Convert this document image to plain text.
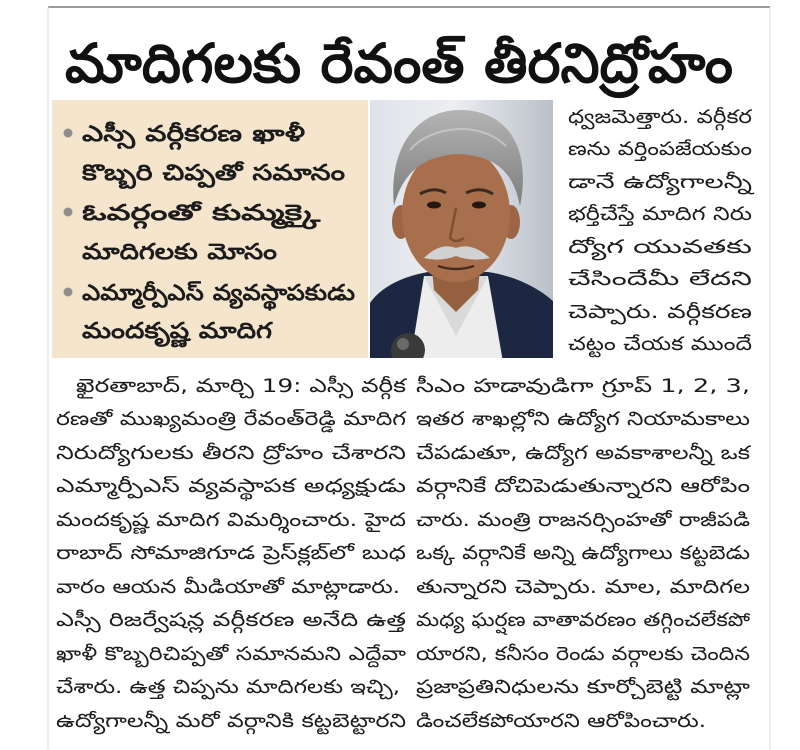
మాదిగలకు రేవంత్ తీరనిద్రోహం
ఎస్సీ వర్గీకరణ ఖాళీ
కొబ్బరి చిప్పతో సమానం
ఓవర్గంతో కుమ్మక్కై
మాదిగలకు మోసం
ఎమ్మార్పీఎస్ వ్యవస్థాపకుడు
మందకృష్ణ మాదిగ
ధ్వజమెత్తారు. వర్గీకర
ణను వర్తింపజేయకుం
డానే ఉద్యోగాలన్నీ
భర్తీచేస్తే మాదిగ నిరు
ద్యోగ యువతకు
చేసిందేమీ లేదని
చెప్పారు. వర్గీకరణ
చట్టం చేయక ముందే
ఖైరతాబాద్, మార్చి 19: ఎస్సీ వర్గీక
రణతో ముఖ్యమంత్రి రేవంత్‌రెడ్డి మాదిగ
నిరుద్యోగులకు తీరని ద్రోహం చేశారని
ఎమ్మార్పీఎస్ వ్యవస్థాపక అధ్యక్షుడు
మందకృష్ణ మాదిగ విమర్శించారు. హైద
రాబాద్ సోమాజిగూడ ప్రెస్‌క్లబ్‌లో బుధ
వారం ఆయన మీడియాతో మాట్లాడారు.
ఎస్సీ రిజర్వేషన్ల వర్గీకరణ అనేది ఉత్త
ఖాళీ కొబ్బరిచిప్పతో సమానమని ఎద్దేవా
చేశారు. ఉత్త చిప్పను మాదిగలకు ఇచ్చి,
ఉద్యోగాలన్నీ మరో వర్గానికి కట్టబెట్టారని
సీఎం హడావుడిగా గ్రూప్ 1, 2, 3,
ఇతర శాఖల్లోని ఉద్యోగ నియామకాలు
చేపడుతూ, ఉద్యోగ అవకాశాలన్నీ ఒక
వర్గానికే దోచిపెడుతున్నారని ఆరోపిం
చారు. మంత్రి రాజనర్సింహతో రాజీపడి
ఒక్క వర్గానికే అన్ని ఉద్యోగాలు కట్టబెడు
తున్నారని చెప్పారు. మాల, మాదిగల
మధ్య ఘర్షణ వాతావరణం తగ్గించలేకపో
యారని, కనీసం రెండు వర్గాలకు చెందిన
ప్రజాప్రతినిధులను కూర్చోబెట్టి మాట్లా
డించలేకపోయారని ఆరోపించారు.
